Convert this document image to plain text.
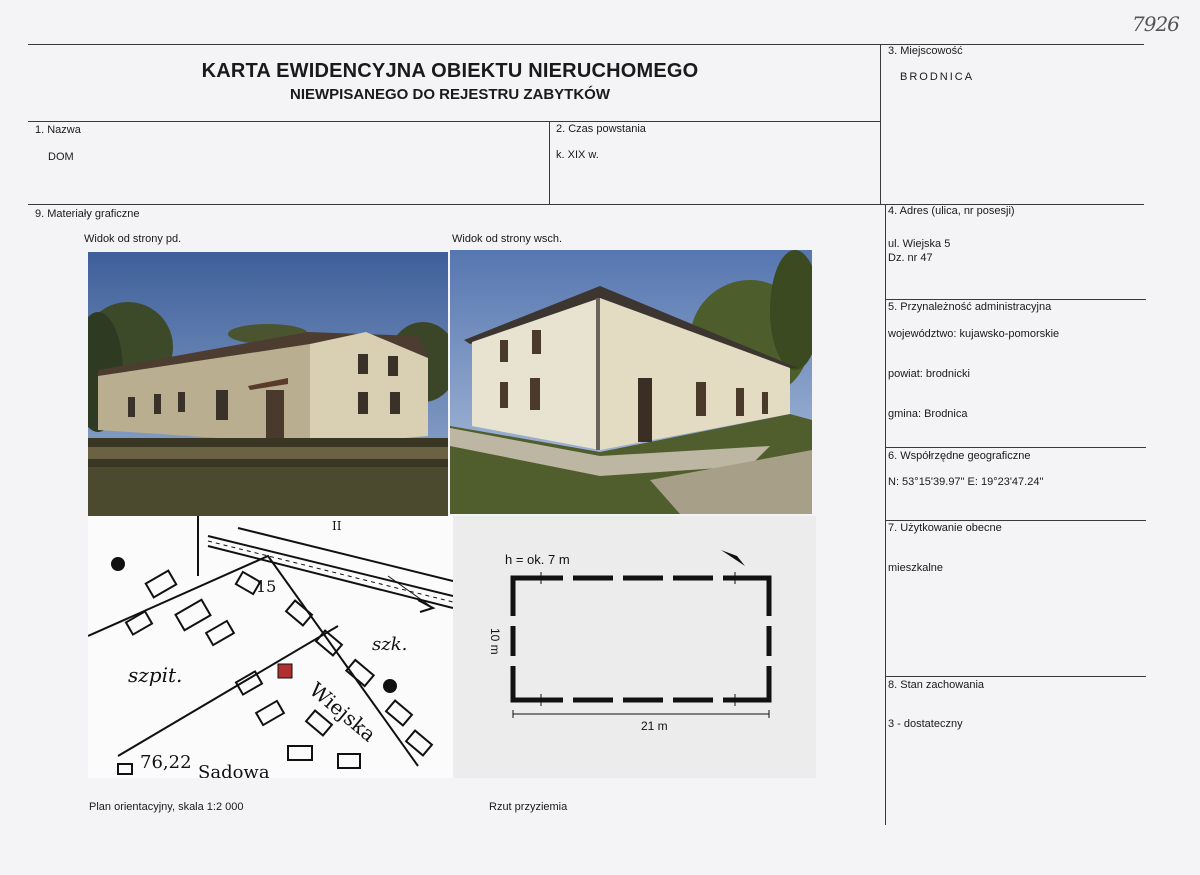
7926
KARTA EWIDENCYJNA OBIEKTU NIERUCHOMEGO
NIEWPISANEGO DO REJESTRU ZABYTKÓW
3. Miejscowość
BRODNICA
1. Nazwa
DOM
2. Czas powstania
k. XIX w.
9. Materiały graficzne	4. Adres (ulica, nr posesji)
ul. Wiejska 5
Dz. nr 47
5. Przynależność administracyjna
województwo: kujawsko-pomorskie
powiat: brodnicki
gmina: Brodnica
6. Współrzędne geograficzne
N: 53°15'39.97" E: 19°23'47.24"
7. Użytkowanie obecne
mieszkalne
8. Stan zachowania
3 - dostateczny
Widok od strony pd.	Widok od strony wsch.
Plan orientacyjny, skala 1:2 000	Rzut przyziemia
szpit.
szk.
Wiejska
Sadowa
76,22
15
II
h = ok. 7 m
21 m
10 m
